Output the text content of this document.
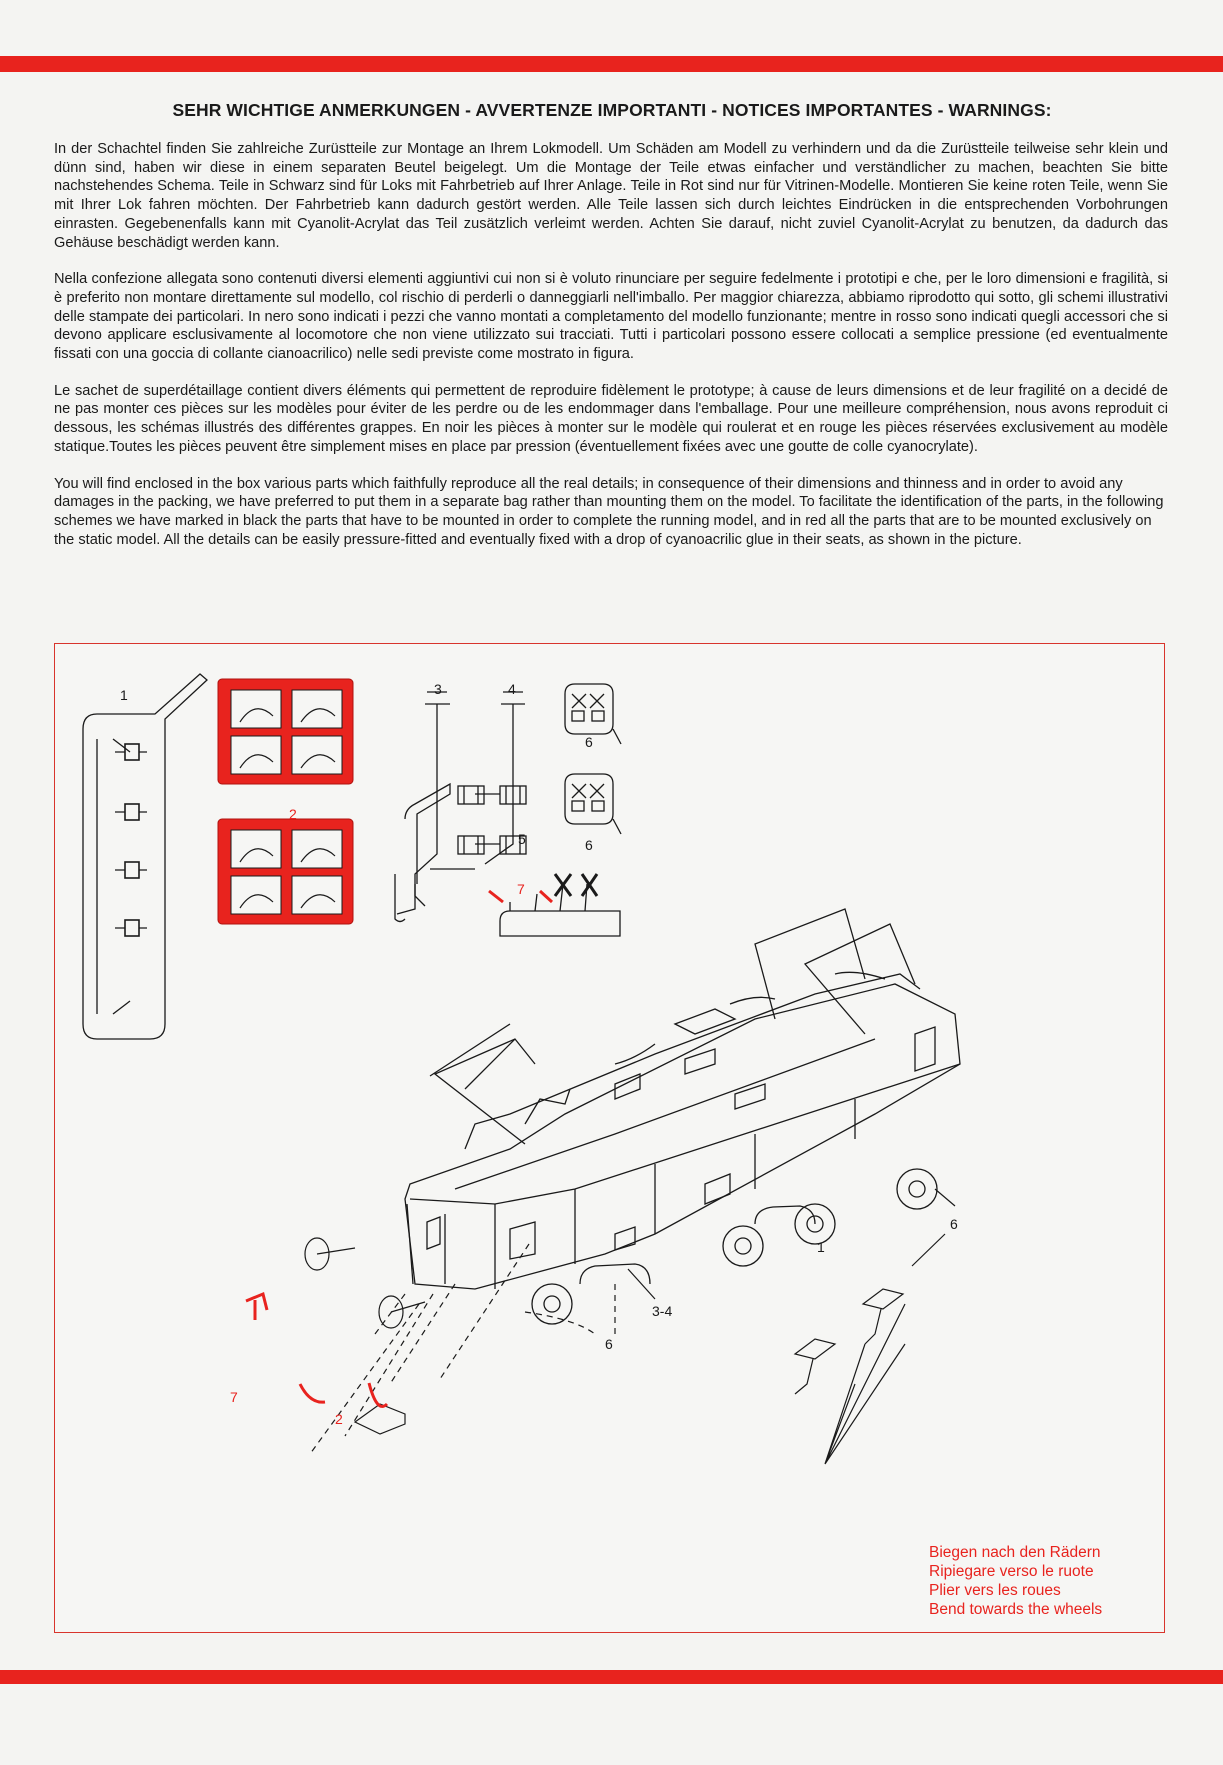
SEHR WICHTIGE ANMERKUNGEN - AVVERTENZE IMPORTANTI - NOTICES IMPORTANTES - WARNINGS:

In der Schachtel finden Sie zahlreiche Zurüstteile zur Montage an Ihrem Lokmodell. Um Schäden am Modell zu verhindern und da die Zurüstteile teilweise sehr klein und dünn sind, haben wir diese in einem separaten Beutel beigelegt. Um die Montage der Teile etwas einfacher und verständlicher zu machen, beachten Sie bitte nachstehendes Schema. Teile in Schwarz sind für Loks mit Fahrbetrieb auf Ihrer Anlage. Teile in Rot sind nur für Vitrinen-Modelle. Montieren Sie keine roten Teile, wenn Sie mit Ihrer Lok fahren möchten. Der Fahrbetrieb kann dadurch gestört werden. Alle Teile lassen sich durch leichtes Eindrücken in die entsprechenden Vorbohrungen einrasten. Gegebenenfalls kann mit Cyanolit-Acrylat das Teil zusätzlich verleimt werden. Achten Sie darauf, nicht zuviel Cyanolit-Acrylat zu benutzen, da dadurch das Gehäuse beschädigt werden kann.

Nella confezione allegata sono contenuti diversi elementi aggiuntivi cui non si è voluto rinunciare per seguire fedelmente i prototipi e che, per le loro dimensioni e fragilità, si è preferito non montare direttamente sul modello, col rischio di perderli o danneggiarli nell'imballo. Per maggior chiarezza, abbiamo riprodotto qui sotto, gli schemi illustrativi delle stampate dei particolari. In nero sono indicati i pezzi che vanno montati a completamento del modello funzionante; mentre in rosso sono indicati quegli accessori che si devono applicare esclusivamente al locomotore che non viene utilizzato sui tracciati. Tutti i particolari possono essere collocati a semplice pressione (ed eventualmente fissati con una goccia di collante cianoacrilico) nelle sedi previste come mostrato in figura.

Le sachet de superdétaillage contient divers éléments qui permettent de reproduire fidèlement le prototype; à cause de leurs dimensions et de leur fragilité on a decidé de ne pas monter ces pièces sur les modèles pour éviter de les perdre ou de les endommager dans l'emballage. Pour une meilleure compréhension, nous avons reproduit ci dessous, les schémas illustrés des différentes grappes. En noir les pièces à monter sur le modèle qui roulerat et en rouge les pièces réservées exclusivement au modèle statique.Toutes les pièces peuvent être simplement mises en place par pression (éventuellement fixées avec une goutte de colle cyanocrylate).

You will find enclosed in the box various parts which faithfully reproduce all the real details; in consequence of their dimensions and thinness and in order to avoid any damages in the packing, we have preferred to put them in a separate bag rather than mounting them on the model. To facilitate the identification of the parts, in the following schemes we have marked in black the parts that have to be mounted in order to complete the running model, and in red all the parts that are to be mounted exclusively on the static model. All the details can be easily pressure-fitted and eventually fixed with a drop of cyanoacrilic glue in their seats, as shown in the picture.

1
2
3	4
5
6
6
7
7
2
1
6
6
3-4
Biegen nach den Rädern
Ripiegare verso le ruote
Plier vers les roues
Bend towards the wheels
